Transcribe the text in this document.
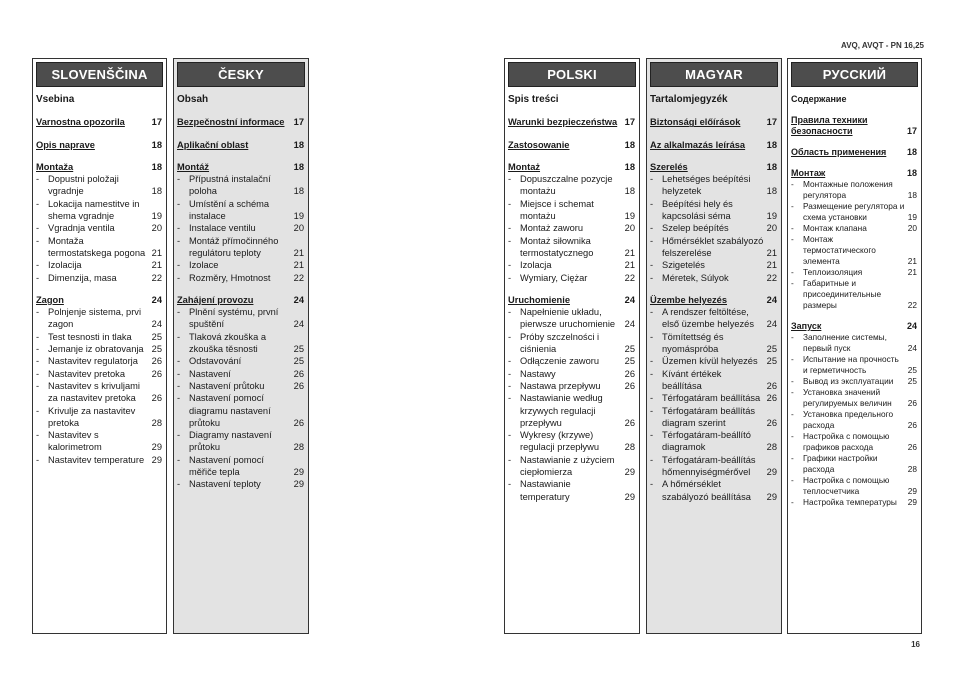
AVQ, AVQT - PN 16,25
SLOVENŠČINA
Vsebina
Varnostna opozorila	17
Opis naprave	18
Montaža	18
- Dopustni položaji vgradnje	18
- Lokacija namestitve in shema vgradnje	19
- Vgradnja ventila	20
- Montaža termostatskega pogona 21
- Izolacija	21
- Dimenzija, masa	22
Zagon	24
- Polnjenje sistema, prvi zagon	24
- Test tesnosti in tlaka	25
- Jemanje iz obratovanja 25
- Nastavitev regulatorja	26
- Nastavitev pretoka	26
- Nastavitev s krivuljami za nastavitev pretoka	26
- Krivulje za nastavitev pretoka	28
- Nastavitev s kalorimetrom	29
- Nastavitev temperature 29
ČESKY
Obsah
Bezpečnostní informace 17
Aplikační oblast	18
Montáž	18
- Přípustná instalační poloha	18
- Umístění a schéma instalace	19
- Instalace ventilu	20
- Montáž přímočinného regulátoru teploty	21
- Izolace	21
- Rozměry, Hmotnost	22
Zahájení provozu	24
- Plnění systému, první spuštění	24
- Tlaková zkouška a zkouška těsnosti	25
- Odstavování	25
- Nastavení	26
- Nastavení průtoku	26
- Nastavení pomocí diagramu nastavení průtoku	26
- Diagramy nastavení průtoku	28
- Nastavení pomocí měřiče tepla	29
- Nastavení teploty	29
POLSKI
Spis treści
Warunki bezpieczeństwa 17
Zastosowanie	18
Montaż	18
- Dopuszczalne pozycje montażu	18
- Miejsce i schemat montażu	19
- Montaż zaworu	20
- Montaż siłownika termostatycznego	21
- Izolacja	21
- Wymiary, Ciężar	22
Uruchomienie	24
- Napełnienie układu, pierwsze uruchomienie	24
- Próby szczelności i ciśnienia	25
- Odłączenie zaworu	25
- Nastawy	26
- Nastawa przepływu	26
- Nastawianie według krzywych regulacji przepływu	26
- Wykresy (krzywe) regulacji przepływu	28
- Nastawianie z użyciem ciepłomierza	29
- Nastawianie temperatury	29
MAGYAR
Tartalomjegyzék
Biztonsági előírások	17
Az alkalmazás leírása	18
Szerelés	18
- Lehetséges beépítési helyzetek	18
- Beépítési hely és kapcsolási séma	19
- Szelep beépítés	20
- Hőmérséklet szabályozó felszerelése	21
- Szigetelés	21
- Méretek, Súlyok	22
Üzembe helyezés	24
- A rendszer feltöltése, első üzembe helyezés	24
- Tömítettség és nyomáspróba	25
- Üzemen kívül helyezés 25
- Kívánt értékek beállítása	26
- Térfogatáram beállítása 26
- Térfogatáram beállítás diagram szerint	26
- Térfogatáram-beállító diagramok	28
- Térfogatáram-beállítás hőmennyiségmérővel	29
- A hőmérséklet szabályozó beállítása	29
РУССКИЙ
Содержание
Правила техники безопасности	17
Область применения	18
Монтаж	18
-	Монтажные положения регулятора	18
-	Размещение регулятора и схема установки	19
-	Монтаж клапана	20
-	Монтаж термостатического элемента	21
-	Теплоизоляция	21
-	Габаритные и присоединительные размеры	22
Запуск	24
-	Заполнение системы, первый пуск	24
-	Испытание на прочность и герметичность	25
-	Вывод из эксплуатации	25
-	Установка значений регулируемых величин	26
-	Установка предельного расхода	26
-	Настройка с помощью графиков расхода	26
-	Графики настройки расхода	28
-	Настройка с помощью теплосчетчика	29
-	Настройка температуры	29
16
